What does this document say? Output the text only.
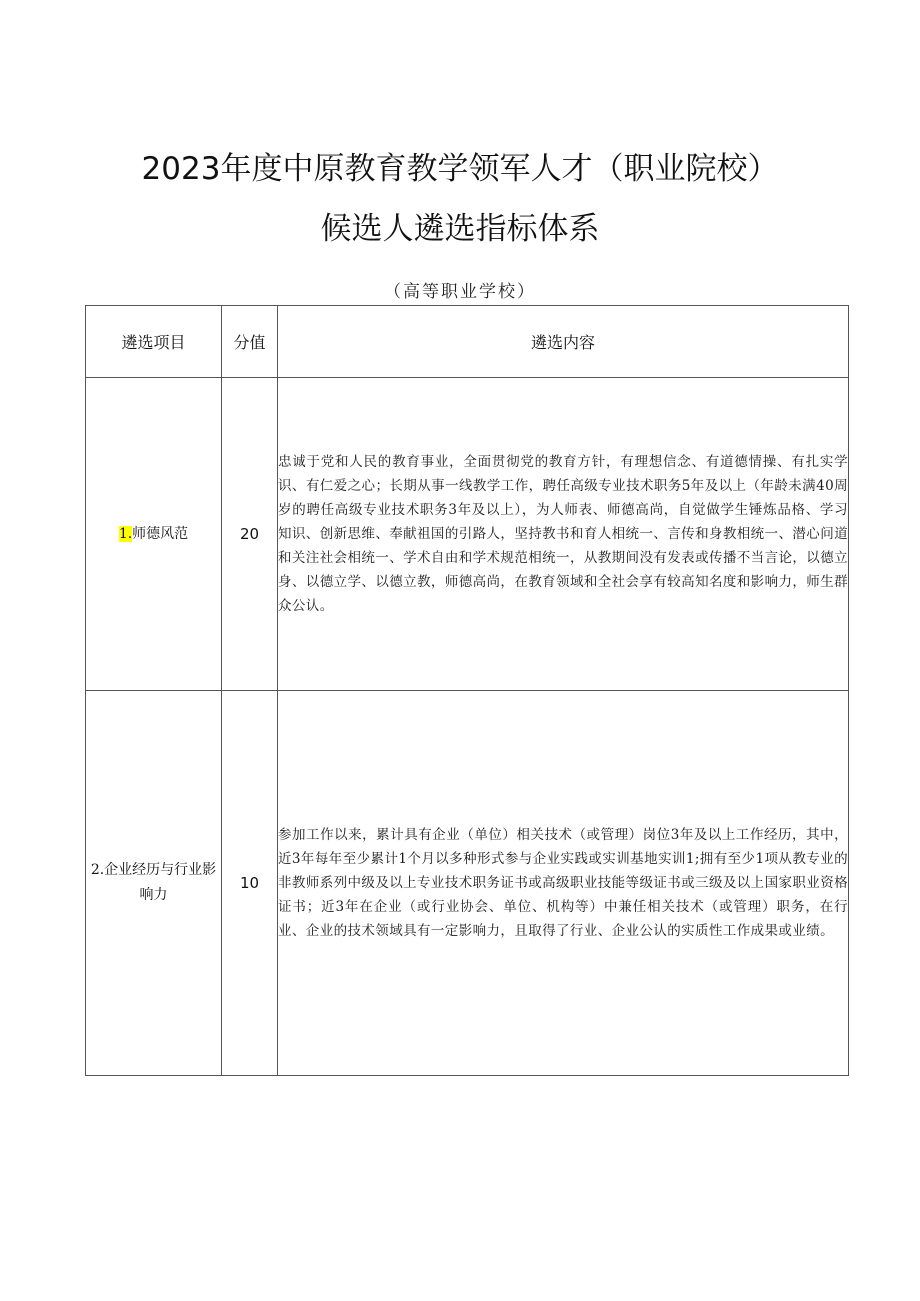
2023年度中原教育教学领军人才（职业院校）
候选人遴选指标体系
（高等职业学校）
遴选项目	分值	遴选内容
1.师德风范	20	忠诚于党和人民的教育事业，全面贯彻党的教育方针，有理想信念、有道德情操、有扎实学识、有仁爱之心；长期从事一线教学工作，聘任高级专业技术职务5年及以上（年龄未满40周岁的聘任高级专业技术职务3年及以上），为人师表、师德高尚，自觉做学生锤炼品格、学习知识、创新思维、奉献祖国的引路人，坚持教书和育人相统一、言传和身教相统一、潜心问道和关注社会相统一、学术自由和学术规范相统一，从教期间没有发表或传播不当言论，以德立身、以德立学、以德立教，师德高尚，在教育领域和全社会享有较高知名度和影响力，师生群众公认。
2.企业经历与行业影响力	10	参加工作以来，累计具有企业（单位）相关技术（或管理）岗位3年及以上工作经历，其中，近3年每年至少累计1个月以多种形式参与企业实践或实训基地实训1;拥有至少1项从教专业的非教师系列中级及以上专业技术职务证书或高级职业技能等级证书或三级及以上国家职业资格证书；近3年在企业（或行业协会、单位、机构等）中兼任相关技术（或管理）职务，在行业、企业的技术领域具有一定影响力，且取得了行业、企业公认的实质性工作成果或业绩。
